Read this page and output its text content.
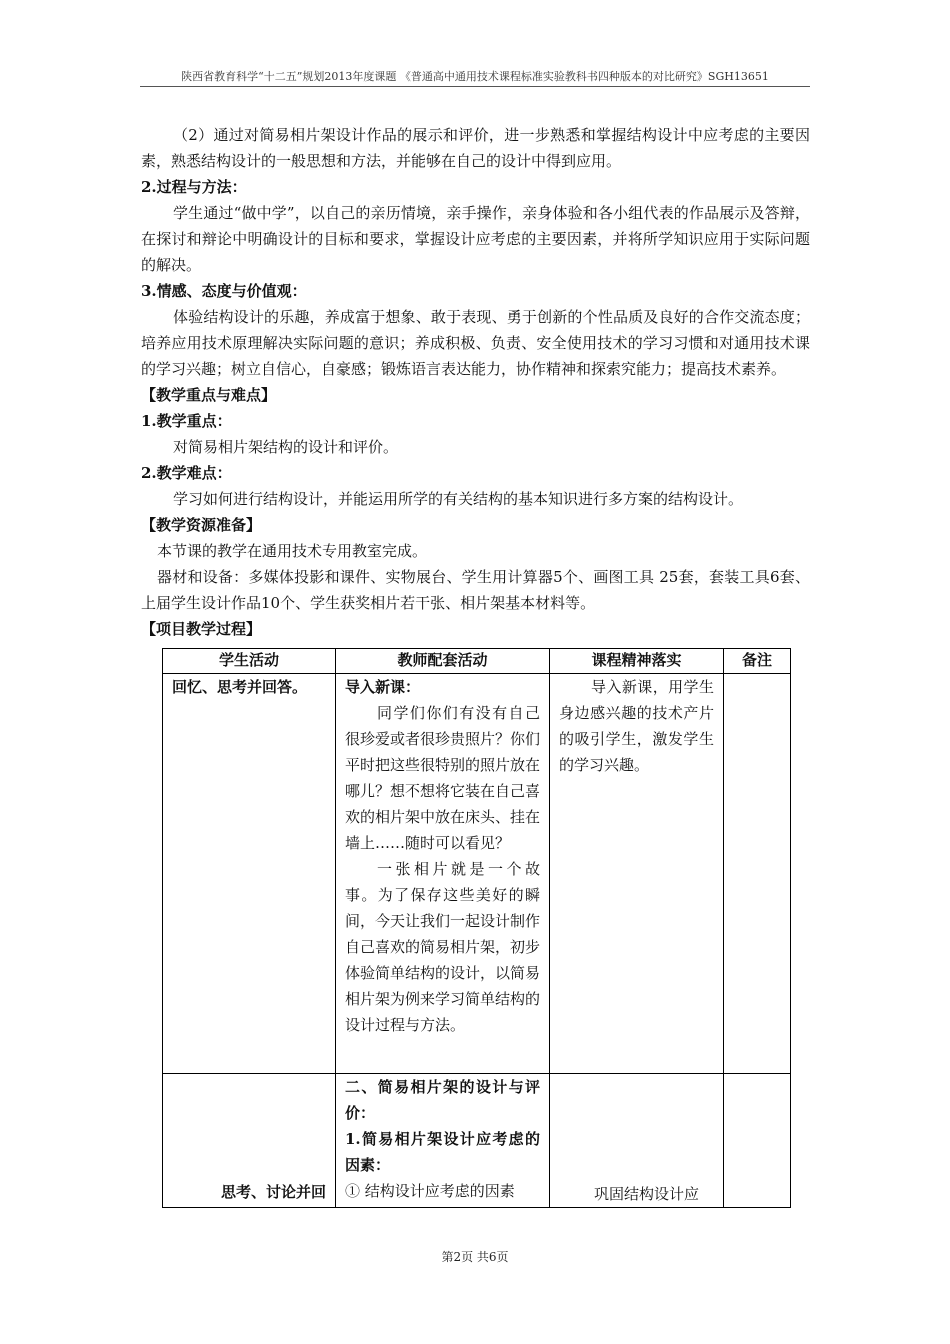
陕西省教育科学“十二五”规划2013年度课题 《普通高中通用技术课程标准实验教科书四种版本的对比研究》SGH13651

（2）通过对简易相片架设计作品的展示和评价，进一步熟悉和掌握结构设计中应考虑的主要因素，熟悉结构设计的一般思想和方法，并能够在自己的设计中得到应用。

2.过程与方法：

学生通过“做中学”，以自己的亲历情境，亲手操作，亲身体验和各小组代表的作品展示及答辩，在探讨和辩论中明确设计的目标和要求，掌握设计应考虑的主要因素，并将所学知识应用于实际问题的解决。

3.情感、态度与价值观：

体验结构设计的乐趣，养成富于想象、敢于表现、勇于创新的个性品质及良好的合作交流态度；培养应用技术原理解决实际问题的意识；养成积极、负责、安全使用技术的学习习惯和对通用技术课的学习兴趣；树立自信心，自豪感；锻炼语言表达能力，协作精神和探索究能力；提高技术素养。

【教学重点与难点】

1.教学重点：

对简易相片架结构的设计和评价。

2.教学难点：

学习如何进行结构设计，并能运用所学的有关结构的基本知识进行多方案的结构设计。

【教学资源准备】

本节课的教学在通用技术专用教室完成。

器材和设备：多媒体投影和课件、实物展台、学生用计算器5个、画图工具 25套，套装工具6套、上届学生设计作品10个、学生获奖相片若干张、相片架基本材料等。

【项目教学过程】

学生活动	教师配套活动	课程精神落实	备注

回忆、思考并回答。	导入新课：

同学们你们有没有自己很珍爱或者很珍贵照片？你们平时把这些很特别的照片放在哪儿？想不想将它装在自己喜欢的相片架中放在床头、挂在墙上……随时可以看见？

一张相片就是一个故事。为了保存这些美好的瞬间，今天让我们一起设计制作自己喜欢的简易相片架，初步体验简单结构的设计，以简易相片架为例来学习简单结构的设计过程与方法。	导入新课，用学生身边感兴趣的技术产片的吸引学生，激发学生的学习兴趣。	

思考、讨论并回	二、简易相片架的设计与评价：

1.简易相片架设计应考虑的因素：

① 结构设计应考虑的因素	巩固结构设计应	

第2页 共6页
